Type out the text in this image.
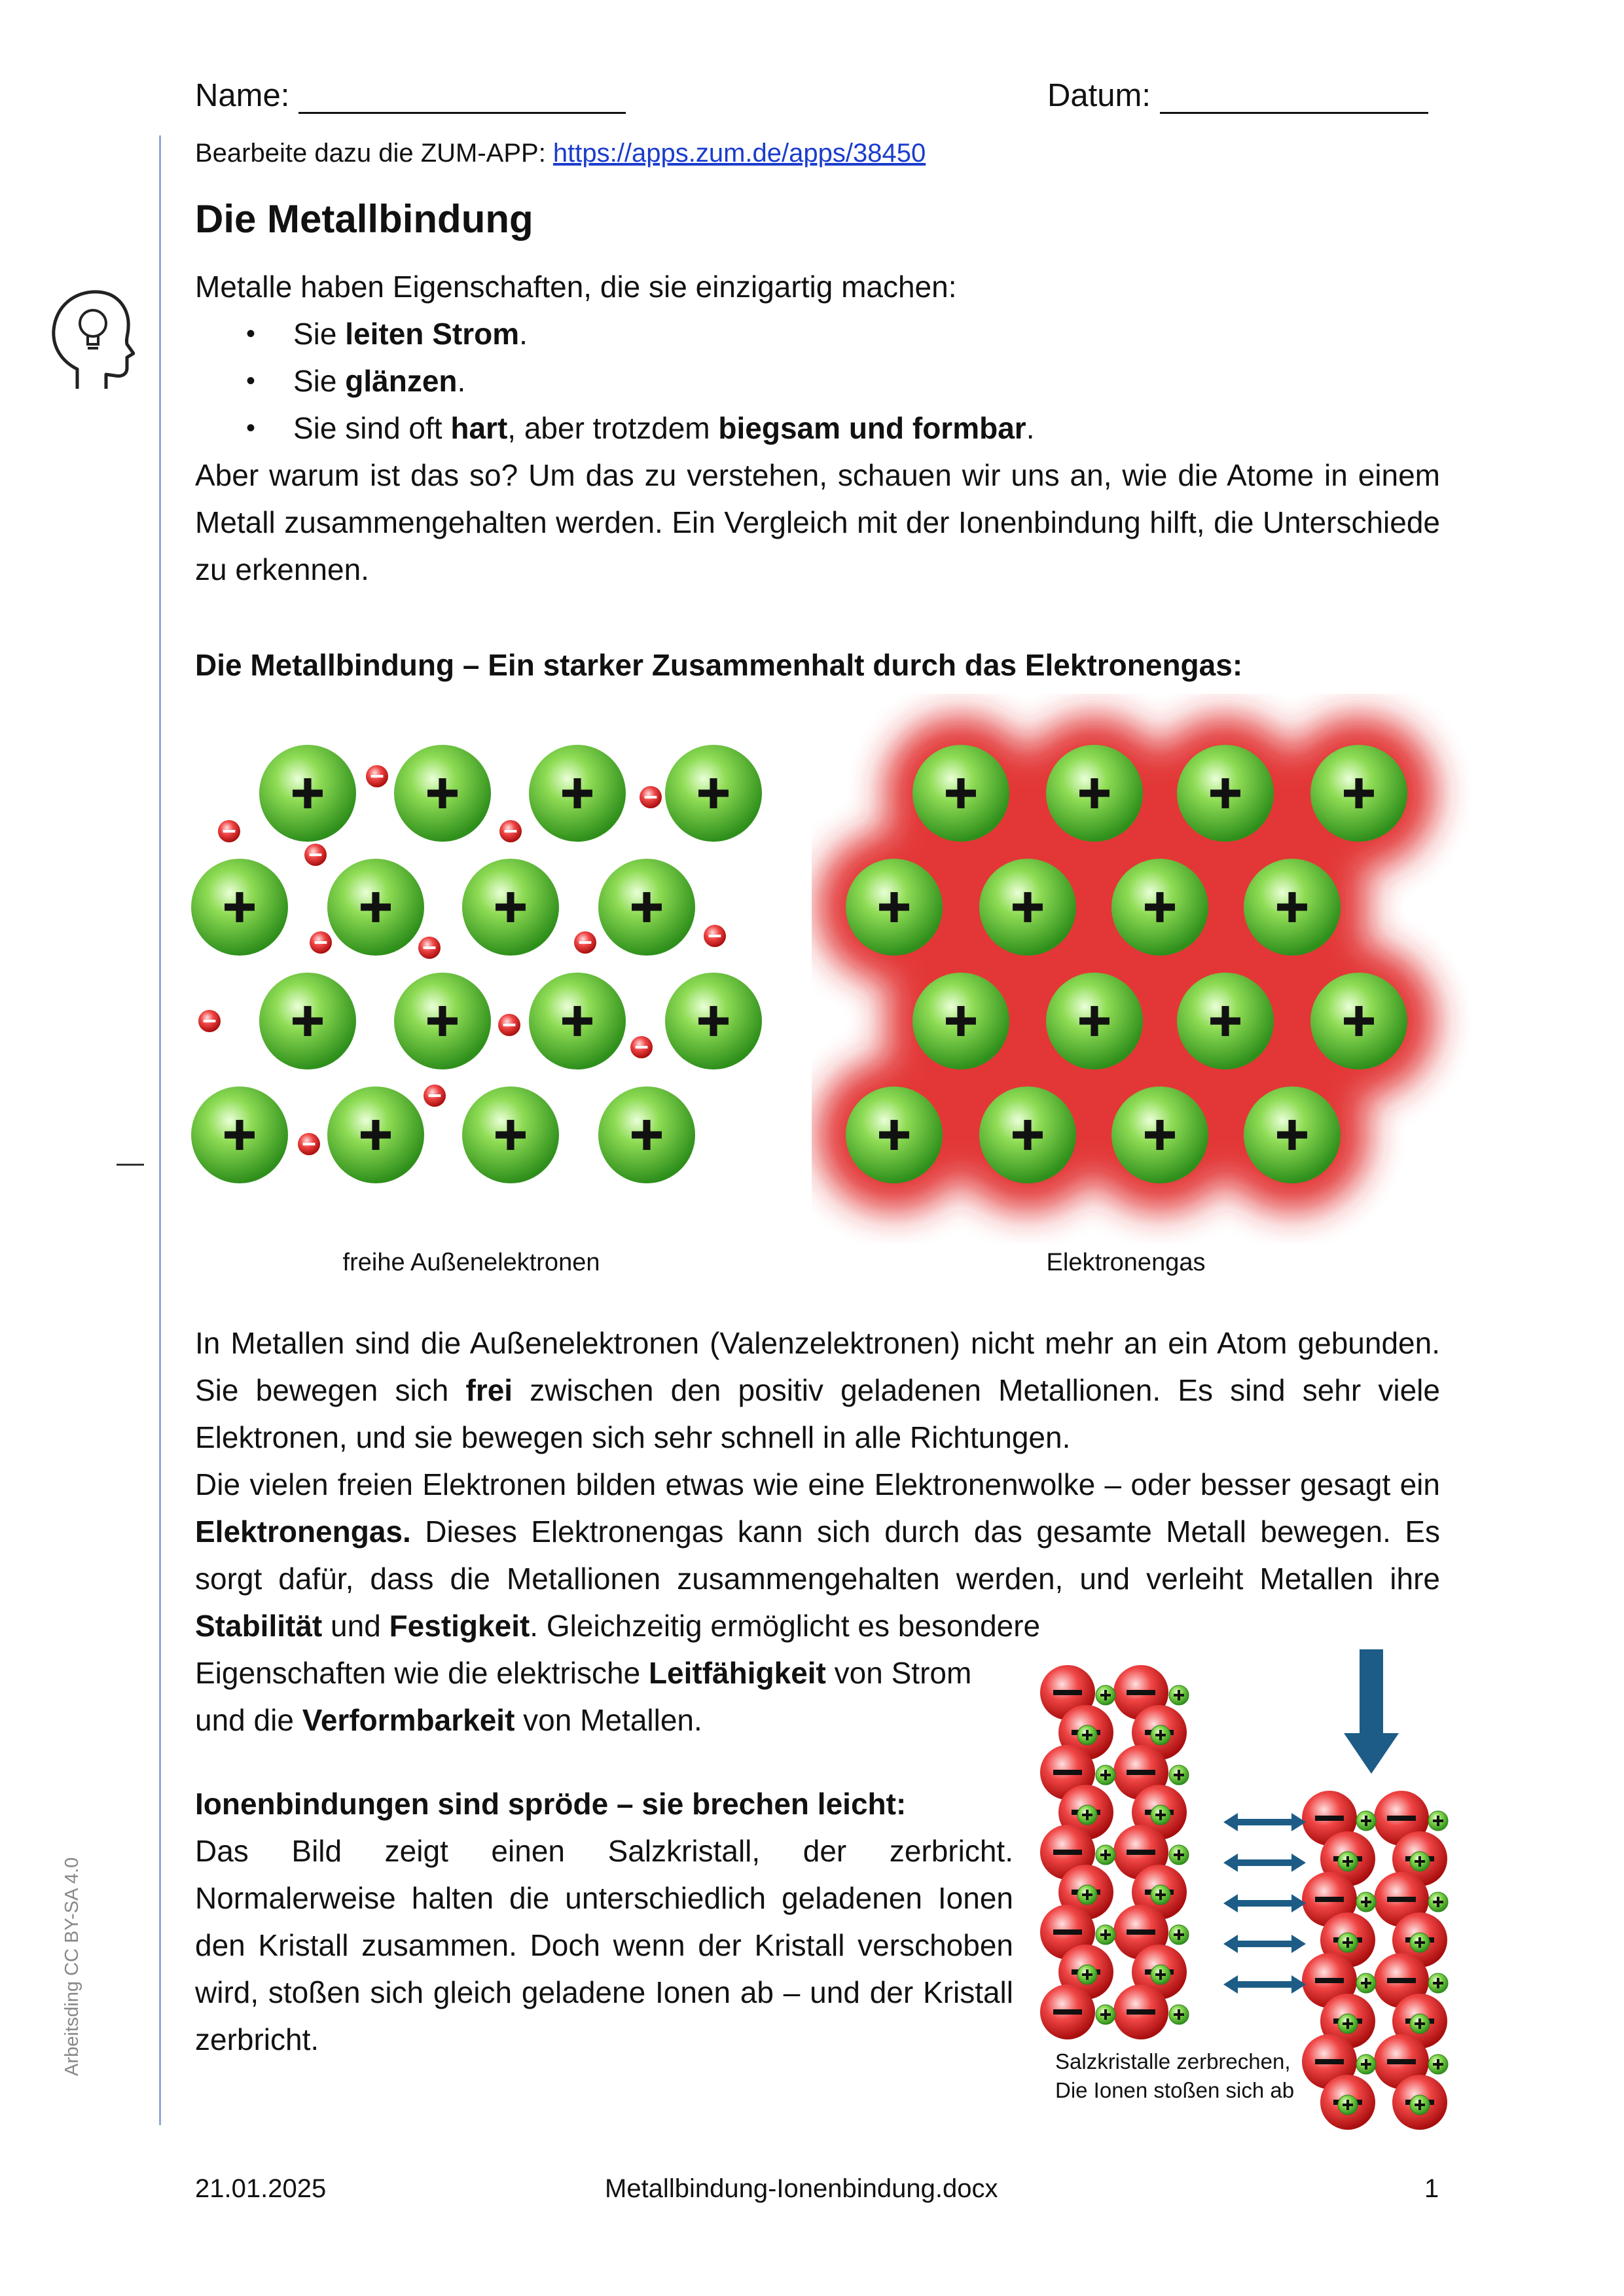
Name:	Datum:
Arbeitsding CC BY-SA 4.0
Bearbeite dazu die ZUM-APP: https://apps.zum.de/apps/38450
Die Metallbindung
Metalle haben Eigenschaften, die sie einzigartig machen:
• Sie leiten Strom.
• Sie glänzen.
• Sie sind oft hart, aber trotzdem biegsam und formbar.
Aber warum ist das so? Um das zu verstehen, schauen wir uns an, wie die Atome in einem Metall zusammengehalten werden. Ein Vergleich mit der Ionenbindung hilft, die Unterschiede zu erkennen.
Die Metallbindung – Ein starker Zusammenhalt durch das Elektronengas:
freihe Außenelektronen	Elektronengas
In Metallen sind die Außenelektronen (Valenzelektronen) nicht mehr an ein Atom gebunden. Sie bewegen sich frei zwischen den positiv geladenen Metallionen. Es sind sehr viele Elektronen, und sie bewegen sich sehr schnell in alle Richtungen.
Die vielen freien Elektronen bilden etwas wie eine Elektronenwolke – oder besser gesagt ein Elektronengas. Dieses Elektronengas kann sich durch das gesamte Metall bewegen. Es sorgt dafür, dass die Metallionen zusammengehalten werden, und verleiht Metallen ihre Stabilität und Festigkeit. Gleichzeitig ermöglicht es besondere
Eigenschaften wie die elektrische Leitfähigkeit von Strom
und die Verformbarkeit von Metallen.
Ionenbindungen sind spröde – sie brechen leicht:
Das Bild zeigt einen Salzkristall, der zerbricht. Normalerweise halten die unterschiedlich geladenen Ionen den Kristall zusammen. Doch wenn der Kristall verschoben wird, stoßen sich gleich geladene Ionen ab – und der Kristall zerbricht.
Salzkristalle zerbrechen,
Die Ionen stoßen sich ab
21.01.2025	Metallbindung-Ionenbindung.docx	1
